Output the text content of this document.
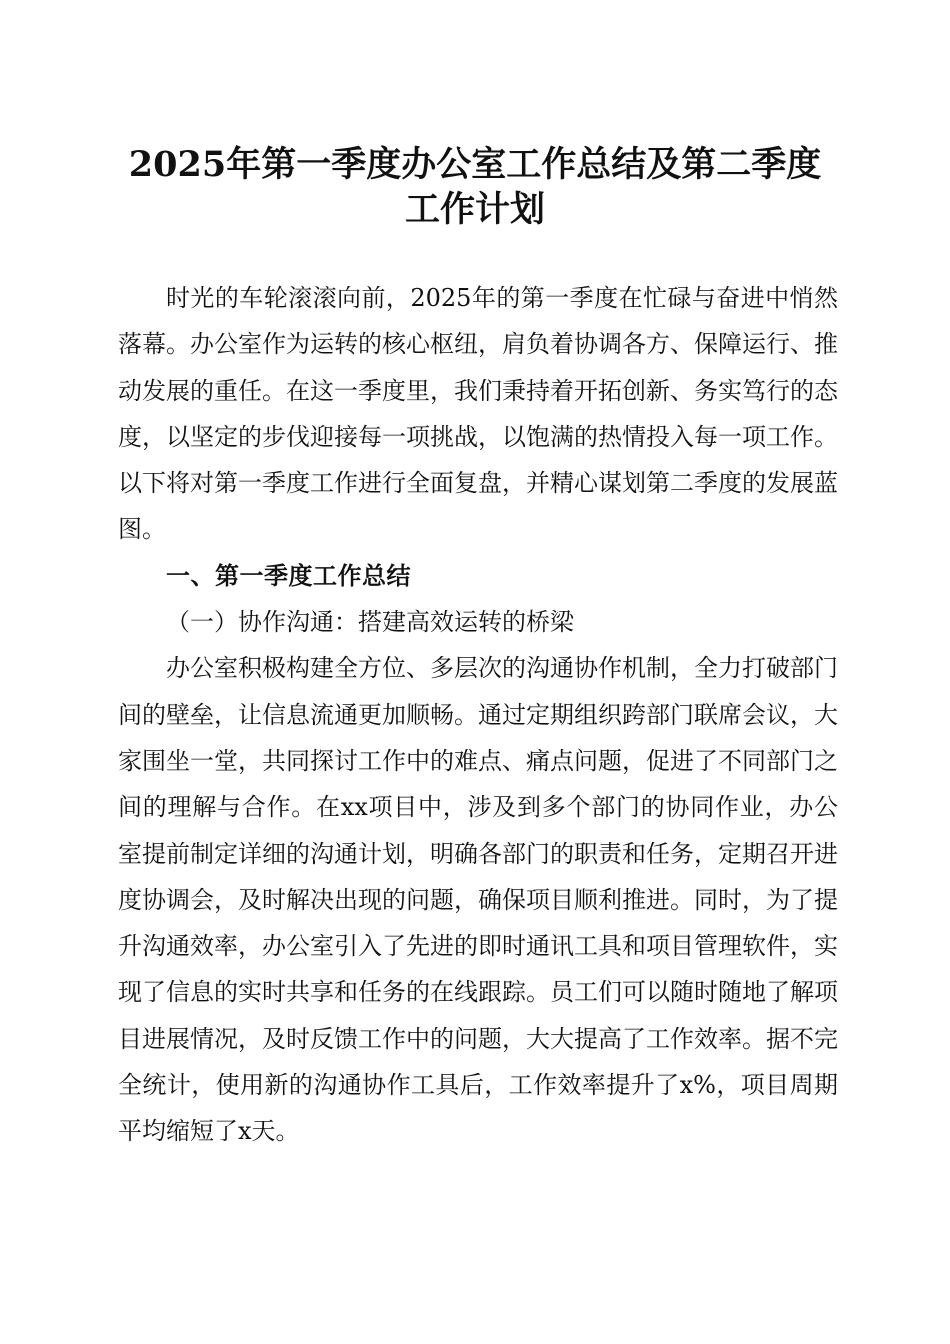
2025年第一季度办公室工作总结及第二季度
工作计划

时光的车轮滚滚向前，2025年的第一季度在忙碌与奋进中悄然落幕。办公室作为运转的核心枢纽，肩负着协调各方、保障运行、推动发展的重任。在这一季度里，我们秉持着开拓创新、务实笃行的态度，以坚定的步伐迎接每一项挑战，以饱满的热情投入每一项工作。以下将对第一季度工作进行全面复盘，并精心谋划第二季度的发展蓝图。

一、第一季度工作总结

（一）协作沟通：搭建高效运转的桥梁

办公室积极构建全方位、多层次的沟通协作机制，全力打破部门间的壁垒，让信息流通更加顺畅。通过定期组织跨部门联席会议，大家围坐一堂，共同探讨工作中的难点、痛点问题，促进了不同部门之间的理解与合作。在xx项目中，涉及到多个部门的协同作业，办公室提前制定详细的沟通计划，明确各部门的职责和任务，定期召开进度协调会，及时解决出现的问题，确保项目顺利推进。同时，为了提升沟通效率，办公室引入了先进的即时通讯工具和项目管理软件，实现了信息的实时共享和任务的在线跟踪。员工们可以随时随地了解项目进展情况，及时反馈工作中的问题，大大提高了工作效率。据不完全统计，使用新的沟通协作工具后，工作效率提升了x%，项目周期平均缩短了x天。
